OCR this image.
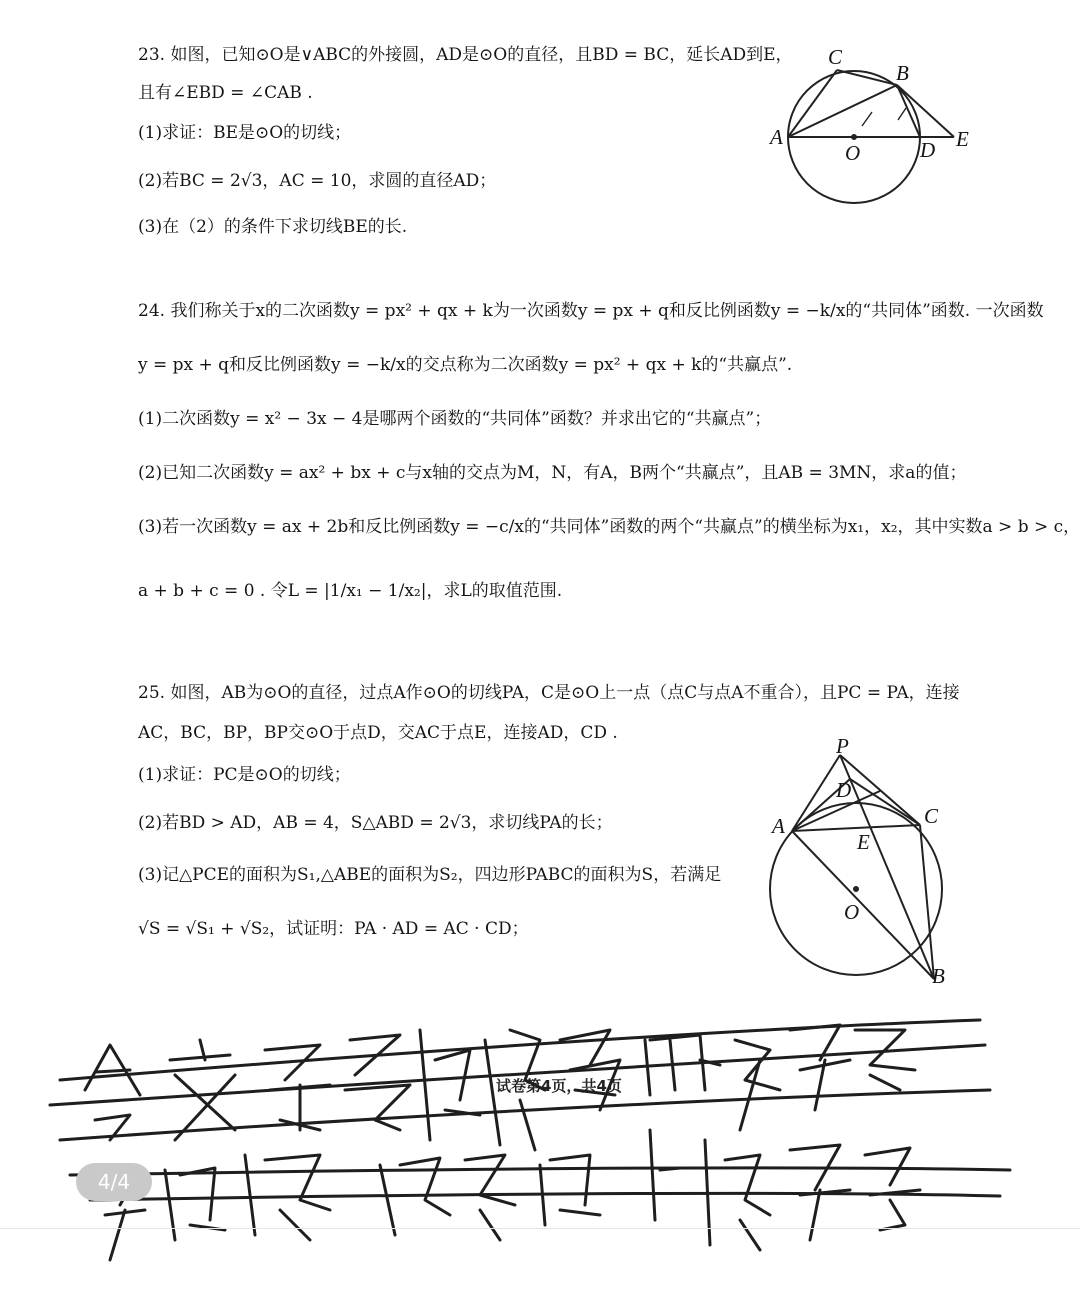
23. 如图，已知⊙O是∨ABC的外接圆，AD是⊙O的直径，且BD = BC，延长AD到E，
且有∠EBD = ∠CAB .
(1)求证：BE是⊙O的切线；
(2)若BC = 2√3，AC = 10，求圆的直径AD；
(3)在（2）的条件下求切线BE的长.
A
C
B
D E
O
24. 我们称关于x的二次函数y = px² + qx + k为一次函数y = px + q和反比例函数y = −k/x的“共同体”函数. 一次函数
y = px + q和反比例函数y = −k/x的交点称为二次函数y = px² + qx + k的“共赢点”.
(1)二次函数y = x² − 3x − 4是哪两个函数的“共同体”函数？并求出它的“共赢点”；
(2)已知二次函数y = ax² + bx + c与x轴的交点为M，N，有A，B两个“共赢点”，且AB = 3MN，求a的值；
(3)若一次函数y = ax + 2b和反比例函数y = −c/x的“共同体”函数的两个“共赢点”的横坐标为x₁，x₂，其中实数a > b > c，
a + b + c = 0 . 令L = |1/x₁ − 1/x₂|，求L的取值范围.
25. 如图，AB为⊙O的直径，过点A作⊙O的切线PA，C是⊙O上一点（点C与点A不重合），且PC = PA，连接
AC，BC，BP，BP交⊙O于点D，交AC于点E，连接AD，CD .
(1)求证：PC是⊙O的切线；
(2)若BD > AD，AB = 4，S△ABD = 2√3，求切线PA的长；
(3)记△PCE的面积为S₁,△ABE的面积为S₂，四边形PABC的面积为S，若满足
√S = √S₁ + √S₂，试证明：PA · AD = AC · CD；
P
D
A	C
E
O
B
试卷第4页，共4页
4/4
